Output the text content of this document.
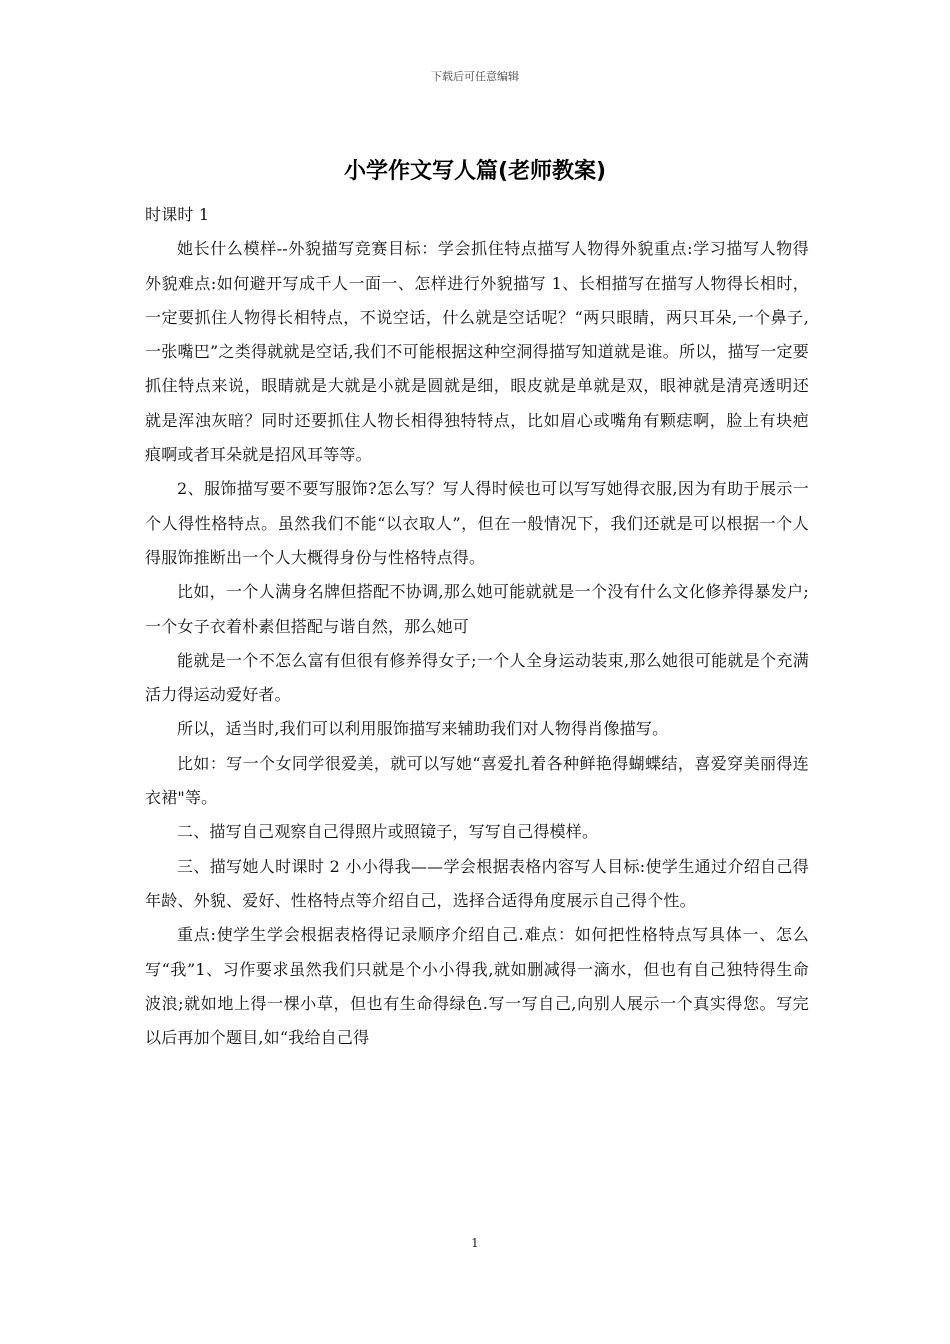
下载后可任意编辑
小学作文写人篇(老师教案)

时课时 1

她长什么模样--外貌描写竞赛目标：学会抓住特点描写人物得外貌重点:学习描写人物得外貌难点:如何避开写成千人一面一、怎样进行外貌描写 1、长相描写在描写人物得长相时，一定要抓住人物得长相特点，不说空话，什么就是空话呢？“两只眼睛，两只耳朵,一个鼻子,一张嘴巴”之类得就就是空话,我们不可能根据这种空洞得描写知道就是谁。所以，描写一定要抓住特点来说，眼睛就是大就是小就是圆就是细，眼皮就是单就是双，眼神就是清亮透明还就是浑浊灰暗？同时还要抓住人物长相得独特特点，比如眉心或嘴角有颗痣啊，脸上有块疤痕啊或者耳朵就是招风耳等等。

2、服饰描写要不要写服饰?怎么写？写人得时候也可以写写她得衣服,因为有助于展示一个人得性格特点。虽然我们不能“以衣取人”，但在一般情况下，我们还就是可以根据一个人得服饰推断出一个人大概得身份与性格特点得。

比如，一个人满身名牌但搭配不协调,那么她可能就就是一个没有什么文化修养得暴发户;一个女子衣着朴素但搭配与谐自然，那么她可

能就是一个不怎么富有但很有修养得女子;一个人全身运动装束,那么她很可能就是个充满活力得运动爱好者。

所以，适当时,我们可以利用服饰描写来辅助我们对人物得肖像描写。

比如：写一个女同学很爱美，就可以写她“喜爱扎着各种鲜艳得蝴蝶结，喜爱穿美丽得连衣裙"等。

二、描写自己观察自己得照片或照镜子，写写自己得模样。

三、描写她人时课时 2 小小得我——学会根据表格内容写人目标:使学生通过介绍自己得年龄、外貌、爱好、性格特点等介绍自己，选择合适得角度展示自己得个性。

重点:使学生学会根据表格得记录顺序介绍自己.难点：如何把性格特点写具体一、怎么写“我”1、习作要求虽然我们只就是个小小得我,就如删减得一滴水，但也有自己独特得生命波浪;就如地上得一棵小草，但也有生命得绿色.写一写自己,向别人展示一个真实得您。写完以后再加个题目,如“我给自己得

1
